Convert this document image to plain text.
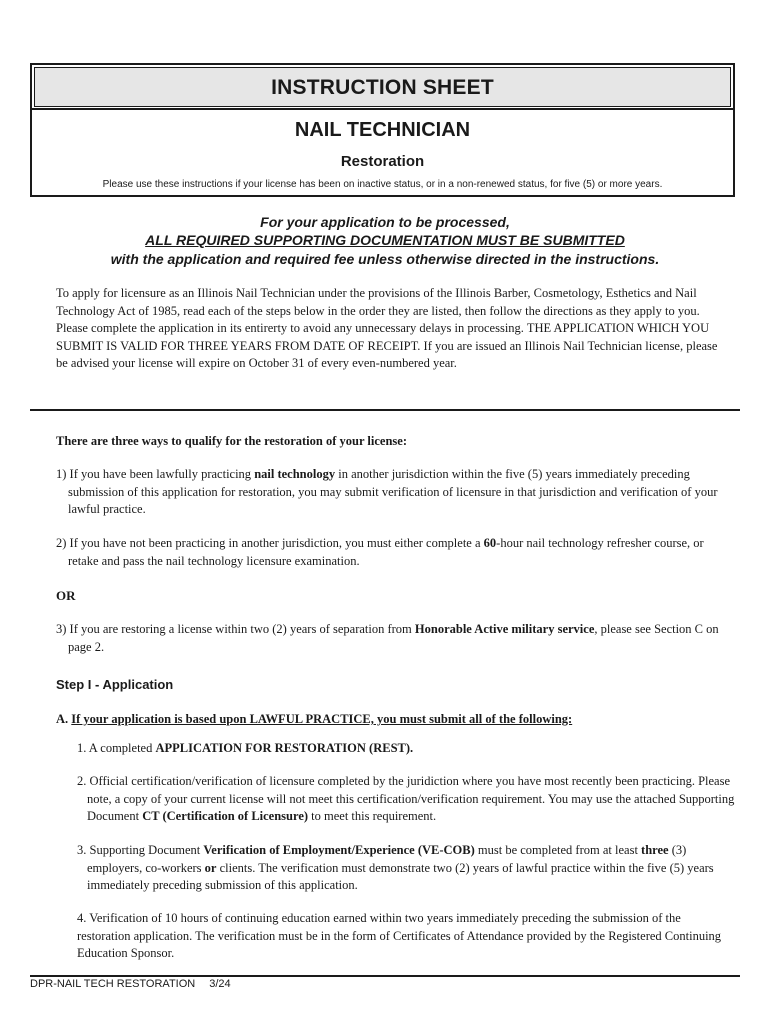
INSTRUCTION SHEET
NAIL TECHNICIAN
Restoration
Please use these instructions if your license has been on inactive status, or in a non-renewed status, for five (5) or more years.
For your application to be processed,
ALL REQUIRED SUPPORTING DOCUMENTATION MUST BE SUBMITTED
with the application and required fee unless otherwise directed in the instructions.
To apply for licensure as an Illinois Nail Technician under the provisions of the Illinois Barber, Cosmetology, Esthetics and Nail Technology Act of 1985, read each of the steps below in the order they are listed, then follow the directions as they apply to you. Please complete the application in its entirerty to avoid any unnecessary delays in processing. THE APPLICATION WHICH YOU SUBMIT IS VALID FOR THREE YEARS FROM DATE OF RECEIPT. If you are issued an Illinois Nail Technician license, please be advised your license will expire on October 31 of every even-numbered year.
There are three ways to qualify for the restoration of your license:
1) If you have been lawfully practicing nail technology in another jurisdiction within the five (5) years immediately preceding submission of this application for restoration, you may submit verification of licensure in that jurisdiction and verification of your lawful practice.
2) If you have not been practicing in another jurisdiction, you must either complete a 60-hour nail technology refresher course, or retake and pass the nail technology licensure examination.
OR
3) If you are restoring a license within two (2) years of separation from Honorable Active military service, please see Section C on page 2.
Step I - Application
A. If your application is based upon LAWFUL PRACTICE, you must submit all of the following:
1. A completed APPLICATION FOR RESTORATION (REST).
2. Official certification/verification of licensure completed by the juridiction where you have most recently been practicing. Please note, a copy of your current license will not meet this certification/verification requirement. You may use the attached Supporting Document CT (Certification of Licensure) to meet this requirement.
3. Supporting Document Verification of Employment/Experience (VE-COB) must be completed from at least three (3) employers, co-workers or clients. The verification must demonstrate two (2) years of lawful practice within the five (5) years immediately preceding submission of this application.
4. Verification of 10 hours of continuing education earned within two years immediately preceding the submission of the restoration application. The verification must be in the form of Certificates of Attendance provided by the Registered Continuing Education Sponsor.
DPR-NAIL TECH RESTORATION 3/24
